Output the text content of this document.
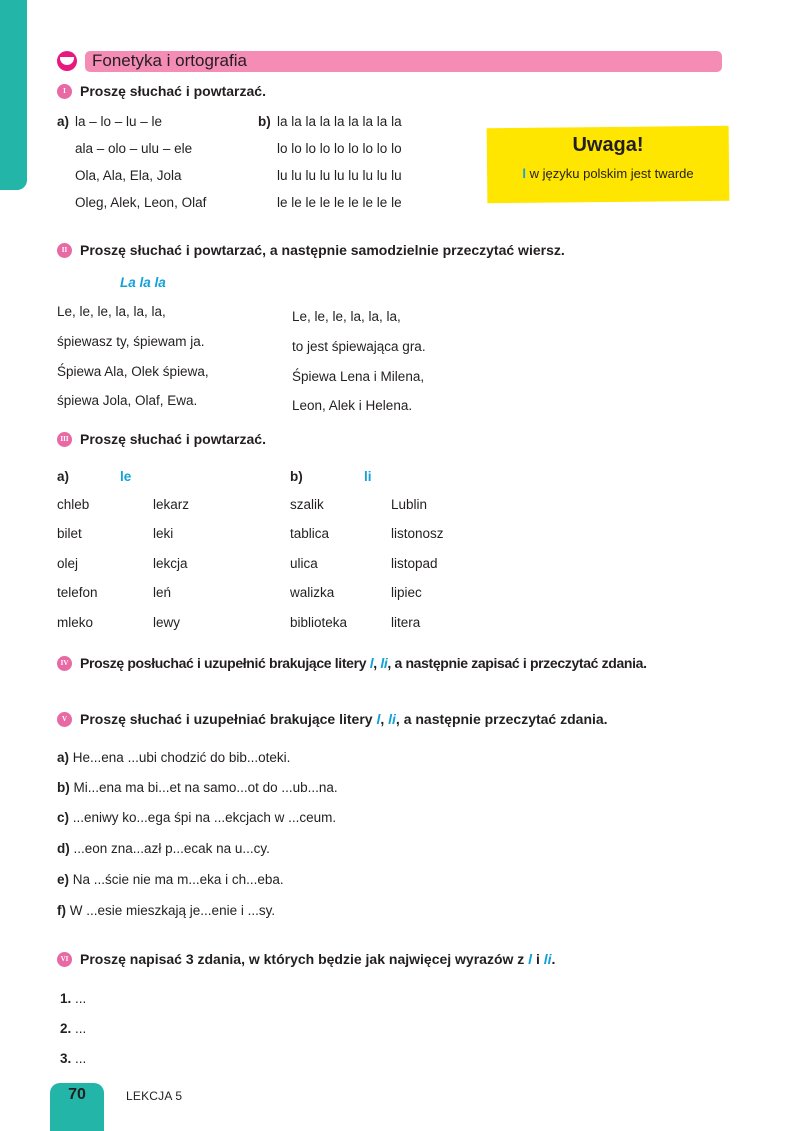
Fonetyka i ortografia
I	Proszę słuchać i powtarzać.
a) la – lo – lu – le
ala – olo – ulu – ele
Ola, Ala, Ela, Jola
Oleg, Alek, Leon, Olaf
b) la la la la la la la la la
lo lo lo lo lo lo lo lo lo
lu lu lu lu lu lu lu lu lu
le le le le le le le le le
Uwaga!
l w języku polskim jest twarde
II Proszę słuchać i powtarzać, a następnie samodzielnie przeczytać wiersz.
La la la
Le, le, le, la, la, la,
śpiewasz ty, śpiewam ja.
Śpiewa Ala, Olek śpiewa,
śpiewa Jola, Olaf, Ewa.
Le, le, le, la, la, la,
to jest śpiewająca gra.
Śpiewa Lena i Milena,
Leon, Alek i Helena.
III Proszę słuchać i powtarzać.
a)	le	b)	li
chleb	lekarz	szalik	Lublin
bilet	leki	tablica	listonosz
olej	lekcja	ulica	listopad
telefon	leń	walizka	lipiec
mleko	lewy	biblioteka	litera
IV Proszę posłuchać i uzupełnić brakujące litery l, li, a następnie zapisać i przeczytać zdania.
V Proszę słuchać i uzupełniać brakujące litery l, li, a następnie przeczytać zdania.
a) He...ena ...ubi chodzić do bib...oteki.
b) Mi...ena ma bi...et na samo...ot do ...ub...na.
c) ...eniwy ko...ega śpi na ...ekcjach w ...ceum.
d) ...eon zna...azł p...ecak na u...cy.
e) Na ...ście nie ma m...eka i ch...eba.
f) W ...esie mieszkają je...enie i ...sy.
VI Proszę napisać 3 zdania, w których będzie jak najwięcej wyrazów z l i li.
1. ...
2. ...
3. ...
70	LEKCJA 5
